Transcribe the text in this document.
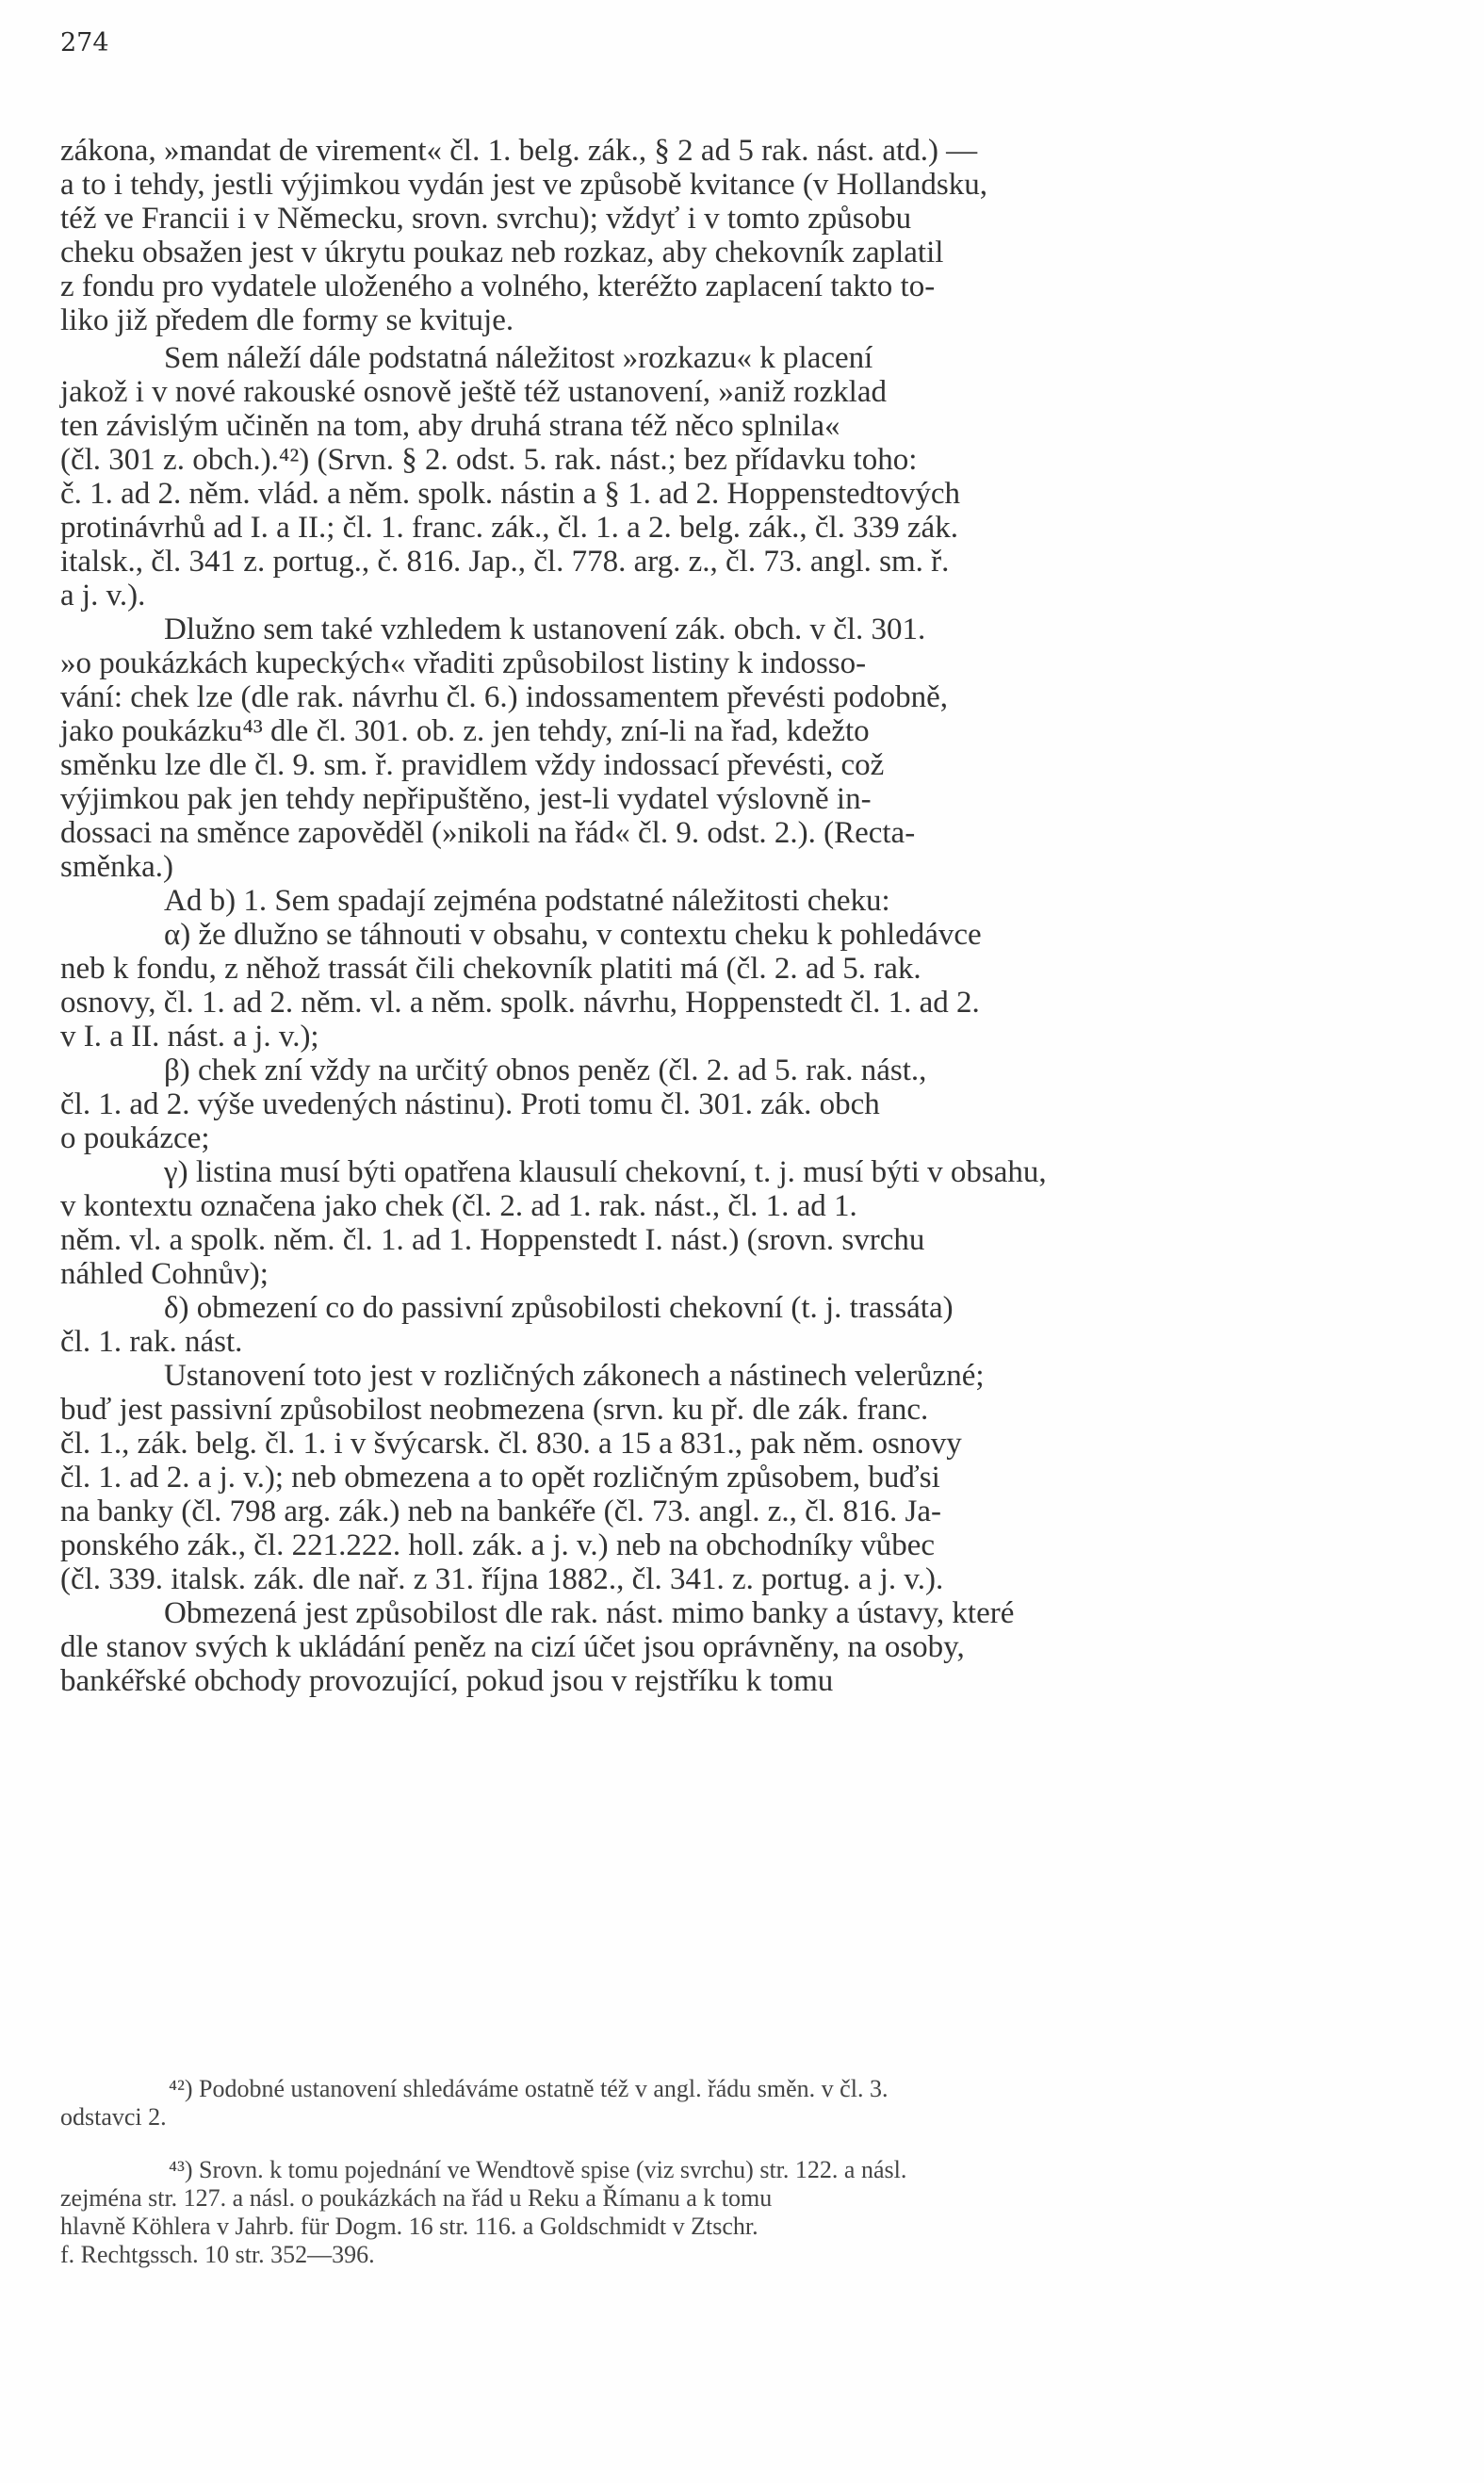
274
zákona, »mandat de virement« čl. 1. belg. zák., § 2 ad 5 rak. nást. atd.) —
a to i tehdy, jestli výjimkou vydán jest ve způsobě kvitance (v Hollandsku,
též ve Francii i v Německu, srovn. svrchu); vždyť i v tomto způsobu
cheku obsažen jest v úkrytu poukaz neb rozkaz, aby chekovník zaplatil
z fondu pro vydatele uloženého a volného, kteréžto zaplacení takto to-
liko již předem dle formy se kvituje.
Sem náleží dále podstatná náležitost »rozkazu« k placení
jakož i v nové rakouské osnově ještě též ustanovení, »aniž rozklad
ten závislým učiněn na tom, aby druhá strana též něco splnila«
(čl. 301 z. obch.).⁴²) (Srvn. § 2. odst. 5. rak. nást.; bez přídavku toho:
č. 1. ad 2. něm. vlád. a něm. spolk. nástin a § 1. ad 2. Hoppenstedtových
protinávrhů ad I. a II.; čl. 1. franc. zák., čl. 1. a 2. belg. zák., čl. 339 zák.
italsk., čl. 341 z. portug., č. 816. Jap., čl. 778. arg. z., čl. 73. angl. sm. ř.
a j. v.).
Dlužno sem také vzhledem k ustanovení zák. obch. v čl. 301.
»o poukázkách kupeckých« vřaditi způsobilost listiny k indosso-
vání: chek lze (dle rak. návrhu čl. 6.) indossamentem převésti podobně,
jako poukázku⁴³ dle čl. 301. ob. z. jen tehdy, zní-li na řad, kdežto
směnku lze dle čl. 9. sm. ř. pravidlem vždy indossací převésti, což
výjimkou pak jen tehdy nepřipuštěno, jest-li vydatel výslovně in-
dossaci na směnce zapověděl (»nikoli na řád« čl. 9. odst. 2.). (Recta-
směnka.)
Ad b) 1. Sem spadají zejména podstatné náležitosti cheku:
α) že dlužno se táhnouti v obsahu, v contextu cheku k pohledávce
neb k fondu, z něhož trassát čili chekovník platiti má (čl. 2. ad 5. rak.
osnovy, čl. 1. ad 2. něm. vl. a něm. spolk. návrhu, Hoppenstedt čl. 1. ad 2.
v I. a II. nást. a j. v.);
β) chek zní vždy na určitý obnos peněz (čl. 2. ad 5. rak. nást.,
čl. 1. ad 2. výše uvedených nástinu). Proti tomu čl. 301. zák. obch
o poukázce;
γ) listina musí býti opatřena klausulí chekovní, t. j. musí býti v obsahu,
v kontextu označena jako chek (čl. 2. ad 1. rak. nást., čl. 1. ad 1.
něm. vl. a spolk. něm. čl. 1. ad 1. Hoppenstedt I. nást.) (srovn. svrchu
náhled Cohnův);
δ) obmezení co do passivní způsobilosti chekovní (t. j. trassáta)
čl. 1. rak. nást.
Ustanovení toto jest v rozličných zákonech a nástinech velerůzné;
buď jest passivní způsobilost neobmezena (srvn. ku př. dle zák. franc.
čl. 1., zák. belg. čl. 1. i v švýcarsk. čl. 830. a 15 a 831., pak něm. osnovy
čl. 1. ad 2. a j. v.); neb obmezena a to opět rozličným způsobem, buďsi
na banky (čl. 798 arg. zák.) neb na bankéře (čl. 73. angl. z., čl. 816. Ja-
ponského zák., čl. 221.222. holl. zák. a j. v.) neb na obchodníky vůbec
(čl. 339. italsk. zák. dle nař. z 31. října 1882., čl. 341. z. portug. a j. v.).
Obmezená jest způsobilost dle rak. nást. mimo banky a ústavy, které
dle stanov svých k ukládání peněz na cizí účet jsou oprávněny, na osoby,
bankéřské obchody provozující, pokud jsou v rejstříku k tomu
⁴²) Podobné ustanovení shledáváme ostatně též v angl. řádu směn. v čl. 3.
odstavci 2.
⁴³) Srovn. k tomu pojednání ve Wendtově spise (viz svrchu) str. 122. a násl.
zejména str. 127. a násl. o poukázkách na řád u Reku a Římanu a k tomu
hlavně Köhlera v Jahrb. für Dogm. 16 str. 116. a Goldschmidt v Ztschr.
f. Rechtgssch. 10 str. 352—396.
